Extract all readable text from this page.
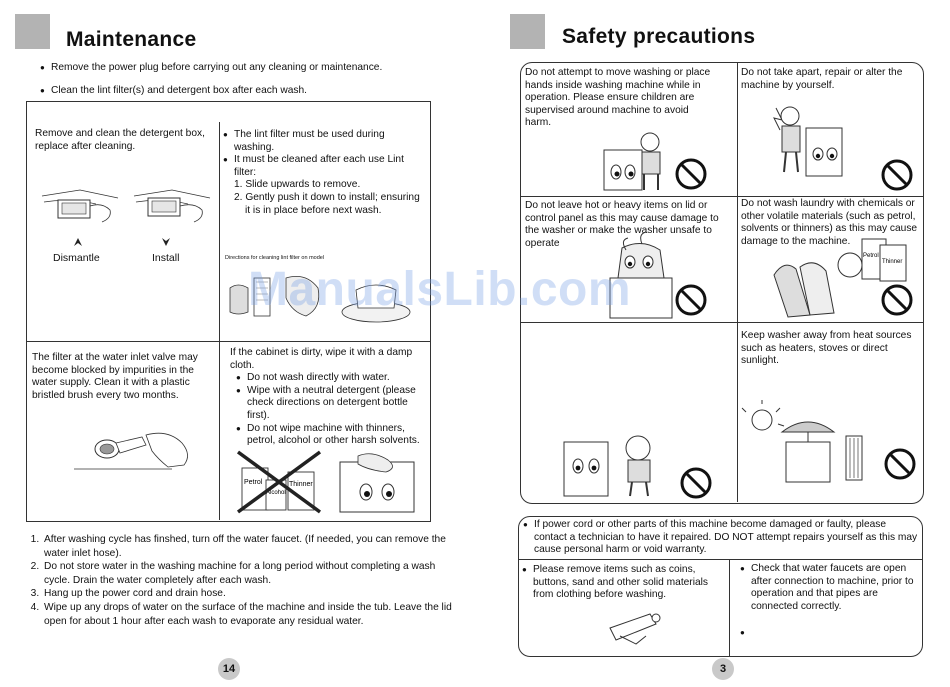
Maintenance
● Remove the power plug before carrying out any cleaning or maintenance.
● Clean the lint filter(s) and detergent box after each wash.
Remove and clean the detergent box, replace after cleaning.
Dismantle	Install
● The lint filter must be used during washing.
● It must be cleaned after each use Lint filter:
1. Slide upwards to remove.
2. Gently push it down to install; ensuring it is in place before next wash.
Directions for cleaning lint filter on model
The filter at the water inlet valve may become blocked by impurities in the water supply. Clean it with a plastic bristled brush every two months.
If the cabinet is dirty, wipe it with a damp cloth.
● Do not wash directly with water.
● Wipe with a neutral detergent (please check directions on detergent bottle first).
● Do not wipe machine with thinners, petrol, alcohol or other harsh solvents.
Petrol
Alcohol
Thinner
1. After washing cycle has finshed, turn off the water faucet. (If needed, you can remove the water inlet hose).
2. Do not store water in the washing machine for a long period without completing a wash cycle. Drain the water completely after each wash.
3. Hang up the power cord and drain hose.
4. Wipe up any drops of water on the surface of the machine and inside the tub. Leave the lid open for about 1 hour after each wash to evaporate any residual water.
14
Safety precautions
Do not attempt to move washing or place hands inside washing machine while in operation. Please ensure children are supervised around machine to avoid harm.
Do not take apart, repair or alter the machine by yourself.
Do not leave hot or heavy items on lid or control panel as this may cause damage to the washer or make the washer unsafe to operate
Do not wash laundry with chemicals or other volatile materials (such as petrol, solvents or thinners) as this may cause damage to the machine.
Keep washer away from heat sources such as heaters, stoves or direct sunlight.
Petrol
Thinner
● If power cord or other parts of this machine become damaged or faulty, please contact a technician to have it repaired. DO NOT attempt repairs yourself as this may cause personal harm or void warranty.
● Please remove items such as coins, buttons, sand and other solid materials from clothing before washing.
● Check that water faucets are open after connection to machine, prior to operation and that pipes are connected correctly.
●
3
ManualsLib.com
